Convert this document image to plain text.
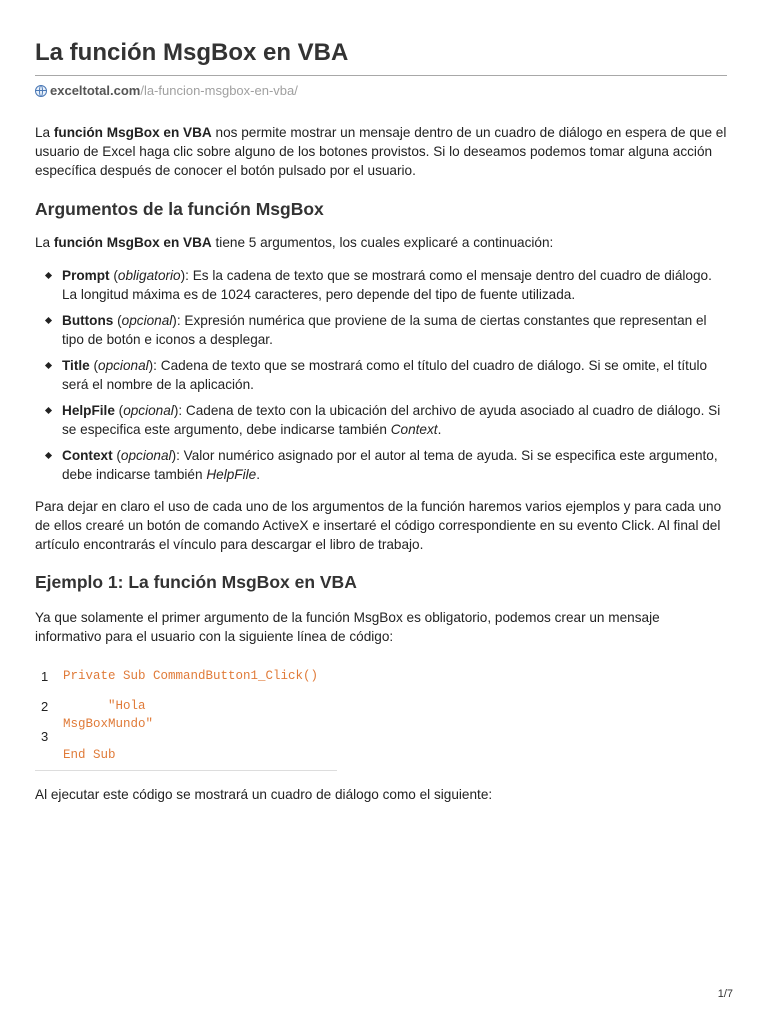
La función MsgBox en VBA
exceltotal.com /la-funcion-msgbox-en-vba/

La función MsgBox en VBA nos permite mostrar un mensaje dentro de un cuadro de diálogo en espera de que el usuario de Excel haga clic sobre alguno de los botones provistos. Si lo deseamos podemos tomar alguna acción específica después de conocer el botón pulsado por el usuario.

Argumentos de la función MsgBox

La función MsgBox en VBA tiene 5 argumentos, los cuales explicaré a continuación:

Prompt (obligatorio): Es la cadena de texto que se mostrará como el mensaje dentro del cuadro de diálogo. La longitud máxima es de 1024 caracteres, pero depende del tipo de fuente utilizada.
Buttons (opcional): Expresión numérica que proviene de la suma de ciertas constantes que representan el tipo de botón e iconos a desplegar.
Title (opcional): Cadena de texto que se mostrará como el título del cuadro de diálogo. Si se omite, el título será el nombre de la aplicación.
HelpFile (opcional): Cadena de texto con la ubicación del archivo de ayuda asociado al cuadro de diálogo. Si se especifica este argumento, debe indicarse también Context.
Context (opcional): Valor numérico asignado por el autor al tema de ayuda. Si se especifica este argumento, debe indicarse también HelpFile.

Para dejar en claro el uso de cada uno de los argumentos de la función haremos varios ejemplos y para cada uno de ellos crearé un botón de comando ActiveX e insertaré el código correspondiente en su evento Click. Al final del artículo encontrarás el vínculo para descargar el libro de trabajo.

Ejemplo 1: La función MsgBox en VBA

Ya que solamente el primer argumento de la función MsgBox es obligatorio, podemos crear un mensaje informativo para el usuario con la siguiente línea de código:

1
2
3
Private Sub CommandButton1_Click()
"Hola
MsgBoxMundo"
End Sub

Al ejecutar este código se mostrará un cuadro de diálogo como el siguiente:

1/7
